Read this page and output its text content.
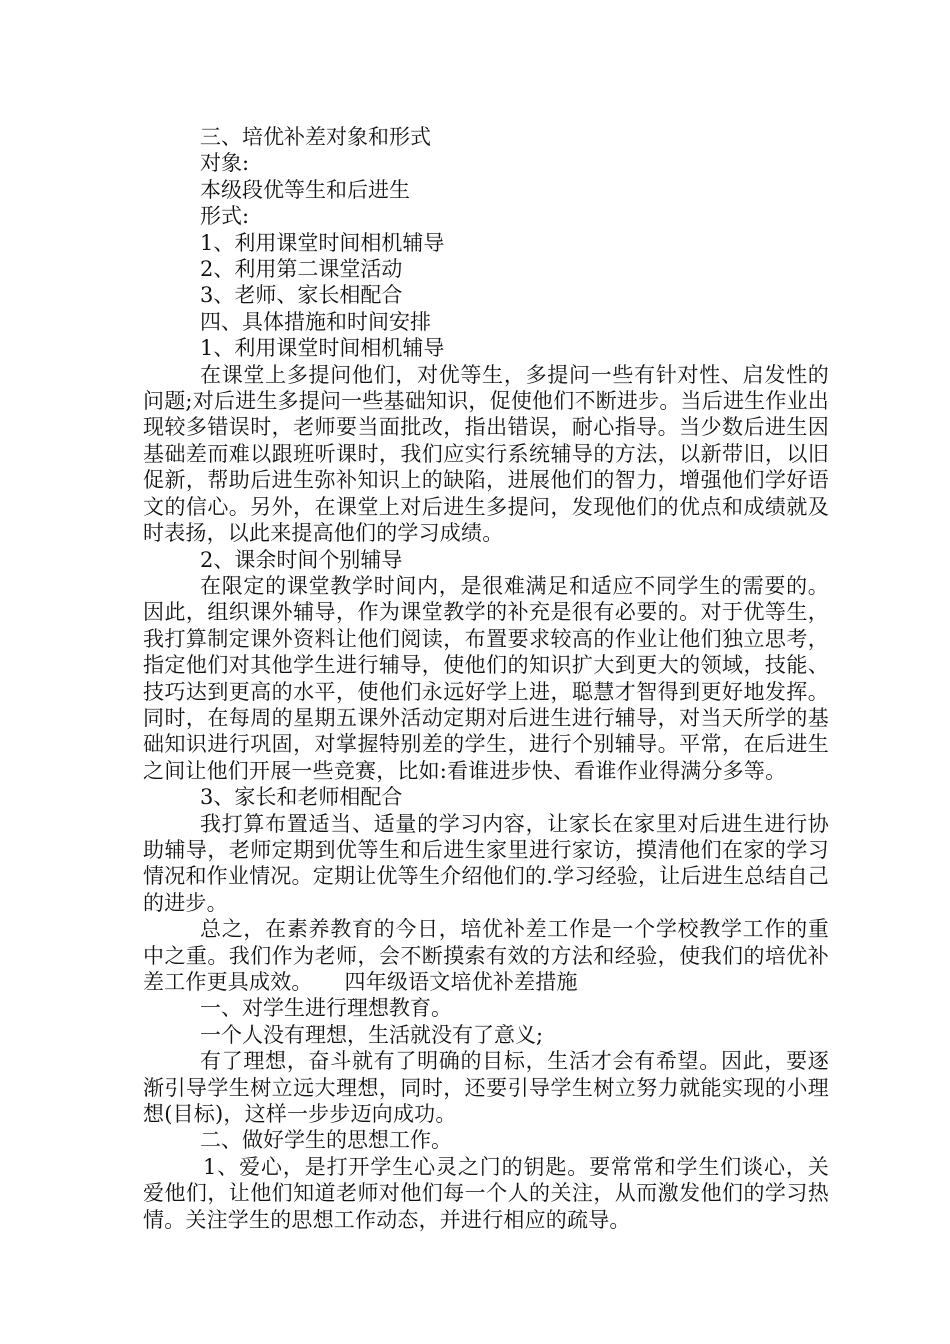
三、培优补差对象和形式

对象:

本级段优等生和后进生

形式:

1、利用课堂时间相机辅导

2、利用第二课堂活动

3、老师、家长相配合

四、具体措施和时间安排

1、利用课堂时间相机辅导

在课堂上多提问他们，对优等生，多提问一些有针对性、启发性的问题;对后进生多提问一些基础知识，促使他们不断进步。当后进生作业出现较多错误时，老师要当面批改，指出错误，耐心指导。当少数后进生因基础差而难以跟班听课时，我们应实行系统辅导的方法，以新带旧，以旧促新，帮助后进生弥补知识上的缺陷，进展他们的智力，增强他们学好语文的信心。另外，在课堂上对后进生多提问，发现他们的优点和成绩就及时表扬，以此来提高他们的学习成绩。

2、课余时间个别辅导

在限定的课堂教学时间内，是很难满足和适应不同学生的需要的。因此，组织课外辅导，作为课堂教学的补充是很有必要的。对于优等生，我打算制定课外资料让他们阅读，布置要求较高的作业让他们独立思考，指定他们对其他学生进行辅导，使他们的知识扩大到更大的领域，技能、技巧达到更高的水平，使他们永远好学上进，聪慧才智得到更好地发挥。同时，在每周的星期五课外活动定期对后进生进行辅导，对当天所学的基础知识进行巩固，对掌握特别差的学生，进行个别辅导。平常，在后进生之间让他们开展一些竞赛，比如:看谁进步快、看谁作业得满分多等。

3、家长和老师相配合

我打算布置适当、适量的学习内容，让家长在家里对后进生进行协助辅导，老师定期到优等生和后进生家里进行家访，摸清他们在家的学习情况和作业情况。定期让优等生介绍他们的.学习经验，让后进生总结自己的进步。

总之，在素养教育的今日，培优补差工作是一个学校教学工作的重中之重。我们作为老师，会不断摸索有效的方法和经验，使我们的培优补差工作更具成效。　　四年级语文培优补差措施

一、对学生进行理想教育。

一个人没有理想，生活就没有了意义;

有了理想，奋斗就有了明确的目标，生活才会有希望。因此，要逐渐引导学生树立远大理想，同时，还要引导学生树立努力就能实现的小理想(目标)，这样一步步迈向成功。

二、做好学生的思想工作。

1、爱心，是打开学生心灵之门的钥匙。要常常和学生们谈心，关爱他们，让他们知道老师对他们每一个人的关注，从而激发他们的学习热情。关注学生的思想工作动态，并进行相应的疏导。
